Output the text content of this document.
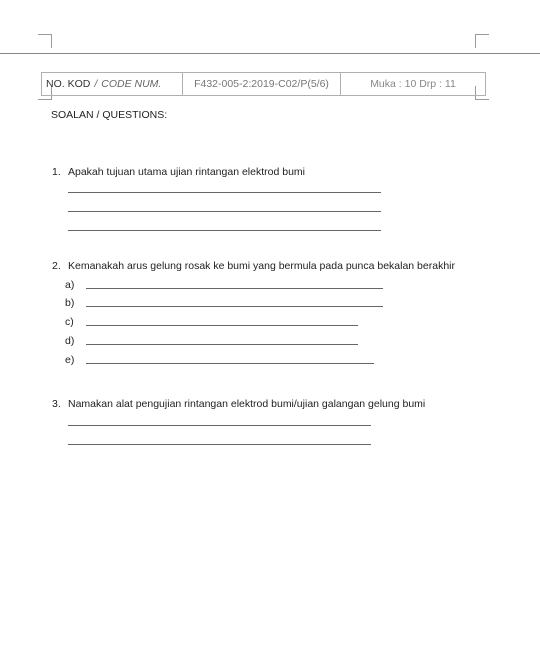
NO. KOD / CODE NUM.	F432-005-2:2019-C02/P(5/6)	Muka : 10 Drp : 11
SOALAN / QUESTIONS:
1. Apakah tujuan utama ujian rintangan elektrod bumi
2. Kemanakah arus gelung rosak ke bumi yang bermula pada punca bekalan berakhir
a)
b)
c)
d)
e)
3. Namakan alat pengujian rintangan elektrod bumi/ujian galangan gelung bumi
